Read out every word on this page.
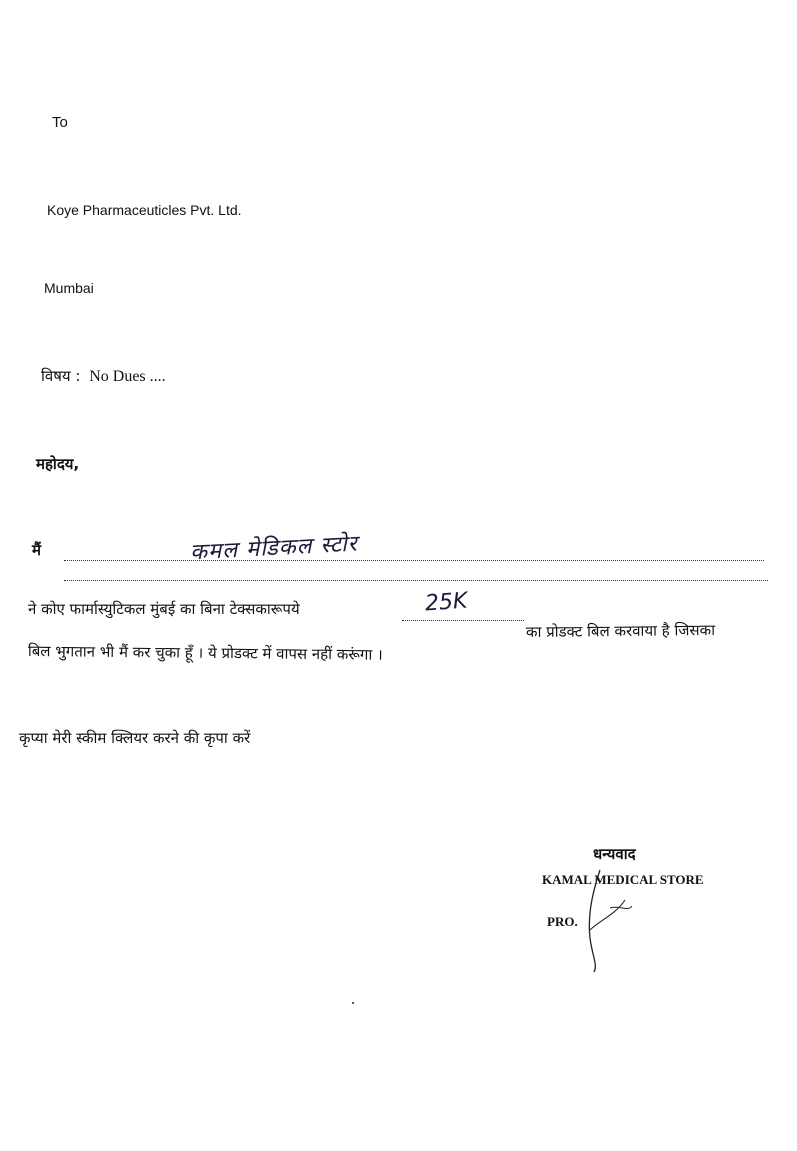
To
Koye Pharmaceuticles Pvt. Ltd.
Mumbai
विषय : No Dues ....
महोदय,
मैं	कमल मेडिकल स्टोर
ने कोए फार्मास्युटिकल मुंबई का बिना टेक्सकारूपये	25K
का प्रोडक्ट बिल करवाया है जिसका
बिल भुगतान भी मैं कर चुका हूँ । ये प्रोडक्ट में वापस नहीं करूंगा ।
कृप्या मेरी स्कीम क्लियर करने की कृपा करें
धन्यवाद
KAMAL MEDICAL STORE
PRO.
